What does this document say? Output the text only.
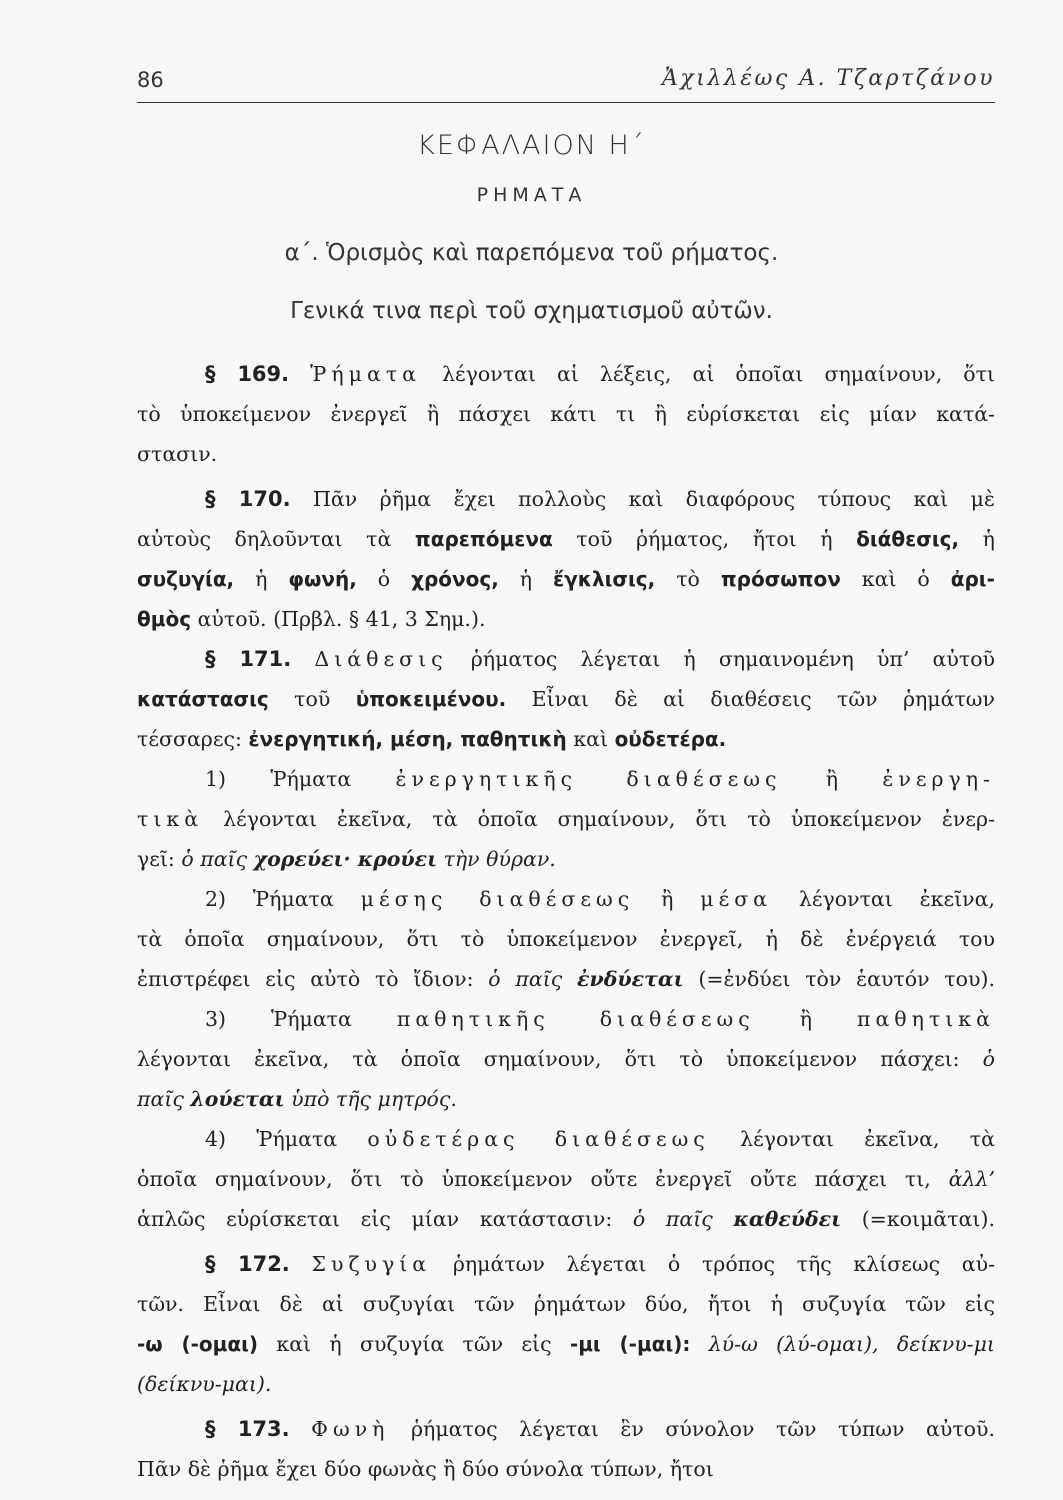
86	Ἀχιλλέως Α. Τζαρτζάνου
ΚΕΦΑΛΑΙΟΝ Η΄
ΡΗΜΑΤΑ
α΄. Ὁρισμὸς καὶ παρεπόμενα τοῦ ρήματος.
Γενικά τινα περὶ τοῦ σχηματισμοῦ αὐτῶν.
§ 169. Ῥήματα λέγονται αἱ λέξεις, αἱ ὁποῖαι σημαίνουν, ὅτι
τὸ ὑποκείμενον ἐνεργεῖ ἢ πάσχει κάτι τι ἢ εὑρίσκεται εἰς μίαν κατά-
στασιν.
§ 170. Πᾶν ῥῆμα ἔχει πολλοὺς καὶ διαφόρους τύπους καὶ μὲ
αὐτοὺς δηλοῦνται τὰ παρεπόμενα τοῦ ῥήματος, ἤτοι ἡ διάθεσις, ἡ
συζυγία, ἡ φωνή, ὁ χρόνος, ἡ ἔγκλισις, τὸ πρόσωπον καὶ ὁ ἀρι-
θμὸς αὐτοῦ. (Πρβλ. § 41, 3 Σημ.).
§ 171. Διάθεσις ῥήματος λέγεται ἡ σημαινομένη ὑπ’ αὐτοῦ
κατάστασις τοῦ ὑποκειμένου. Εἶναι δὲ αἱ διαθέσεις τῶν ῥημάτων
τέσσαρες: ἐνεργητική, μέση, παθητικὴ καὶ οὐδετέρα.
1) Ῥήματα ἐνεργητικῆς διαθέσεως ἢ ἐνεργη-
τικὰ λέγονται ἐκεῖνα, τὰ ὁποῖα σημαίνουν, ὅτι τὸ ὑποκείμενον ἐνερ-
γεῖ: ὁ παῖς χορεύει· κρούει τὴν θύραν.
2) Ῥήματα μέσης διαθέσεως ἢ μέσα λέγονται ἐκεῖνα,
τὰ ὁποῖα σημαίνουν, ὅτι τὸ ὑποκείμενον ἐνεργεῖ, ἡ δὲ ἐνέργειά του
ἐπιστρέφει εἰς αὐτὸ τὸ ἴδιον: ὁ παῖς ἐνδύεται (=ἐνδύει τὸν ἑαυτόν του).
3) Ῥήματα παθητικῆς διαθέσεως ἢ παθητικὰ
λέγονται ἐκεῖνα, τὰ ὁποῖα σημαίνουν, ὅτι τὸ ὑποκείμενον πάσχει: ὁ
παῖς λούεται ὑπὸ τῆς μητρός.
4) Ῥήματα οὐδετέρας διαθέσεως λέγονται ἐκεῖνα, τὰ
ὁποῖα σημαίνουν, ὅτι τὸ ὑποκείμενον οὔτε ἐνεργεῖ οὔτε πάσχει τι, ἀλλ’
ἁπλῶς εὑρίσκεται εἰς μίαν κατάστασιν: ὁ παῖς καθεύδει (=κοιμᾶται).
§ 172. Συζυγία ῥημάτων λέγεται ὁ τρόπος τῆς κλίσεως αὐ-
τῶν. Εἶναι δὲ αἱ συζυγίαι τῶν ῥημάτων δύο, ἤτοι ἡ συζυγία τῶν εἰς
-ω (-ομαι) καὶ ἡ συζυγία τῶν εἰς -μι (-μαι): λύ-ω (λύ-ομαι), δείκνυ-μι
(δείκνυ-μαι).
§ 173. Φωνὴ ῥήματος λέγεται ἓν σύνολον τῶν τύπων αὐτοῦ.
Πᾶν δὲ ῥῆμα ἔχει δύο φωνὰς ἢ δύο σύνολα τύπων, ἤτοι
